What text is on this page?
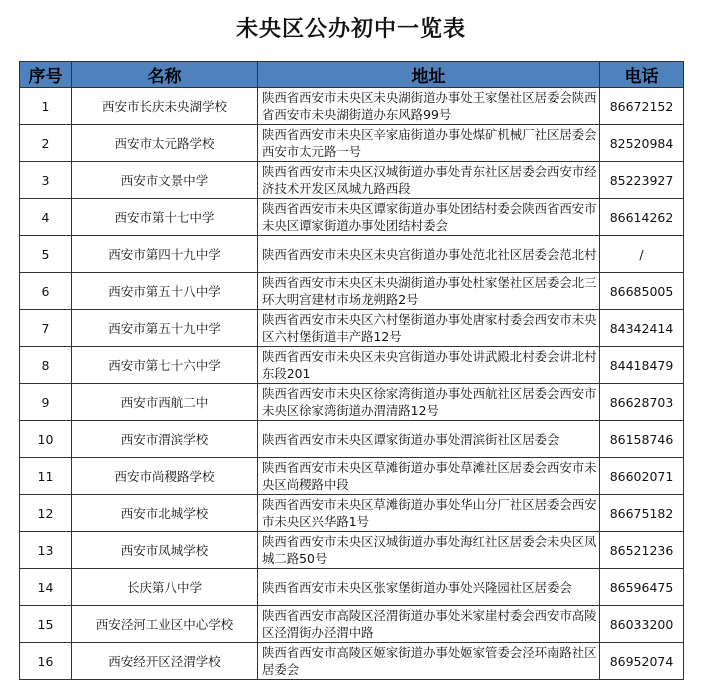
未央区公办初中一览表
序号	名称	地址	电话
1	西安市长庆未央湖学校	陕西省西安市未央区未央湖街道办事处王家堡社区居委会陕西省西安市未央湖街道办东风路99号	86672152
2	西安市太元路学校	陕西省西安市未央区辛家庙街道办事处煤矿机械厂社区居委会西安市太元路一号	82520984
3	西安市文景中学	陕西省西安市未央区汉城街道办事处青东社区居委会西安市经济技术开发区凤城九路西段	85223927
4	西安市第十七中学	陕西省西安市未央区谭家街道办事处团结村委会陕西省西安市未央区谭家街道办事处团结村委会	86614262
5	西安市第四十九中学	陕西省西安市未央区未央宫街道办事处范北社区居委会范北村	/
6	西安市第五十八中学	陕西省西安市未央区未央湖街道办事处杜家堡社区居委会北三环大明宫建材市场龙朔路2号	86685005
7	西安市第五十九中学	陕西省西安市未央区六村堡街道办事处唐家村委会西安市未央区六村堡街道丰产路12号	84342414
8	西安市第七十六中学	陕西省西安市未央区未央宫街道办事处讲武殿北村委会讲北村东段201	84418479
9	西安市西航二中	陕西省西安市未央区徐家湾街道办事处西航社区居委会西安市未央区徐家湾街道办渭清路12号	86628703
10	西安市渭滨学校	陕西省西安市未央区谭家街道办事处渭滨街社区居委会	86158746
11	西安市尚稷路学校	陕西省西安市未央区草滩街道办事处草滩社区居委会西安市未央区尚稷路中段	86602071
12	西安市北城学校	陕西省西安市未央区草滩街道办事处华山分厂社区居委会西安市未央区兴华路1号	86675182
13	西安市凤城学校	陕西省西安市未央区汉城街道办事处海红社区居委会未央区凤城二路50号	86521236
14	长庆第八中学	陕西省西安市未央区张家堡街道办事处兴隆园社区居委会	86596475
15	西安泾河工业区中心学校	陕西省西安市高陵区泾渭街道办事处米家崖村委会西安市高陵区泾渭街办泾渭中路	86033200
16	西安经开区泾渭学校	陕西省西安市高陵区姬家街道办事处姬家管委会泾环南路社区居委会	86952074
